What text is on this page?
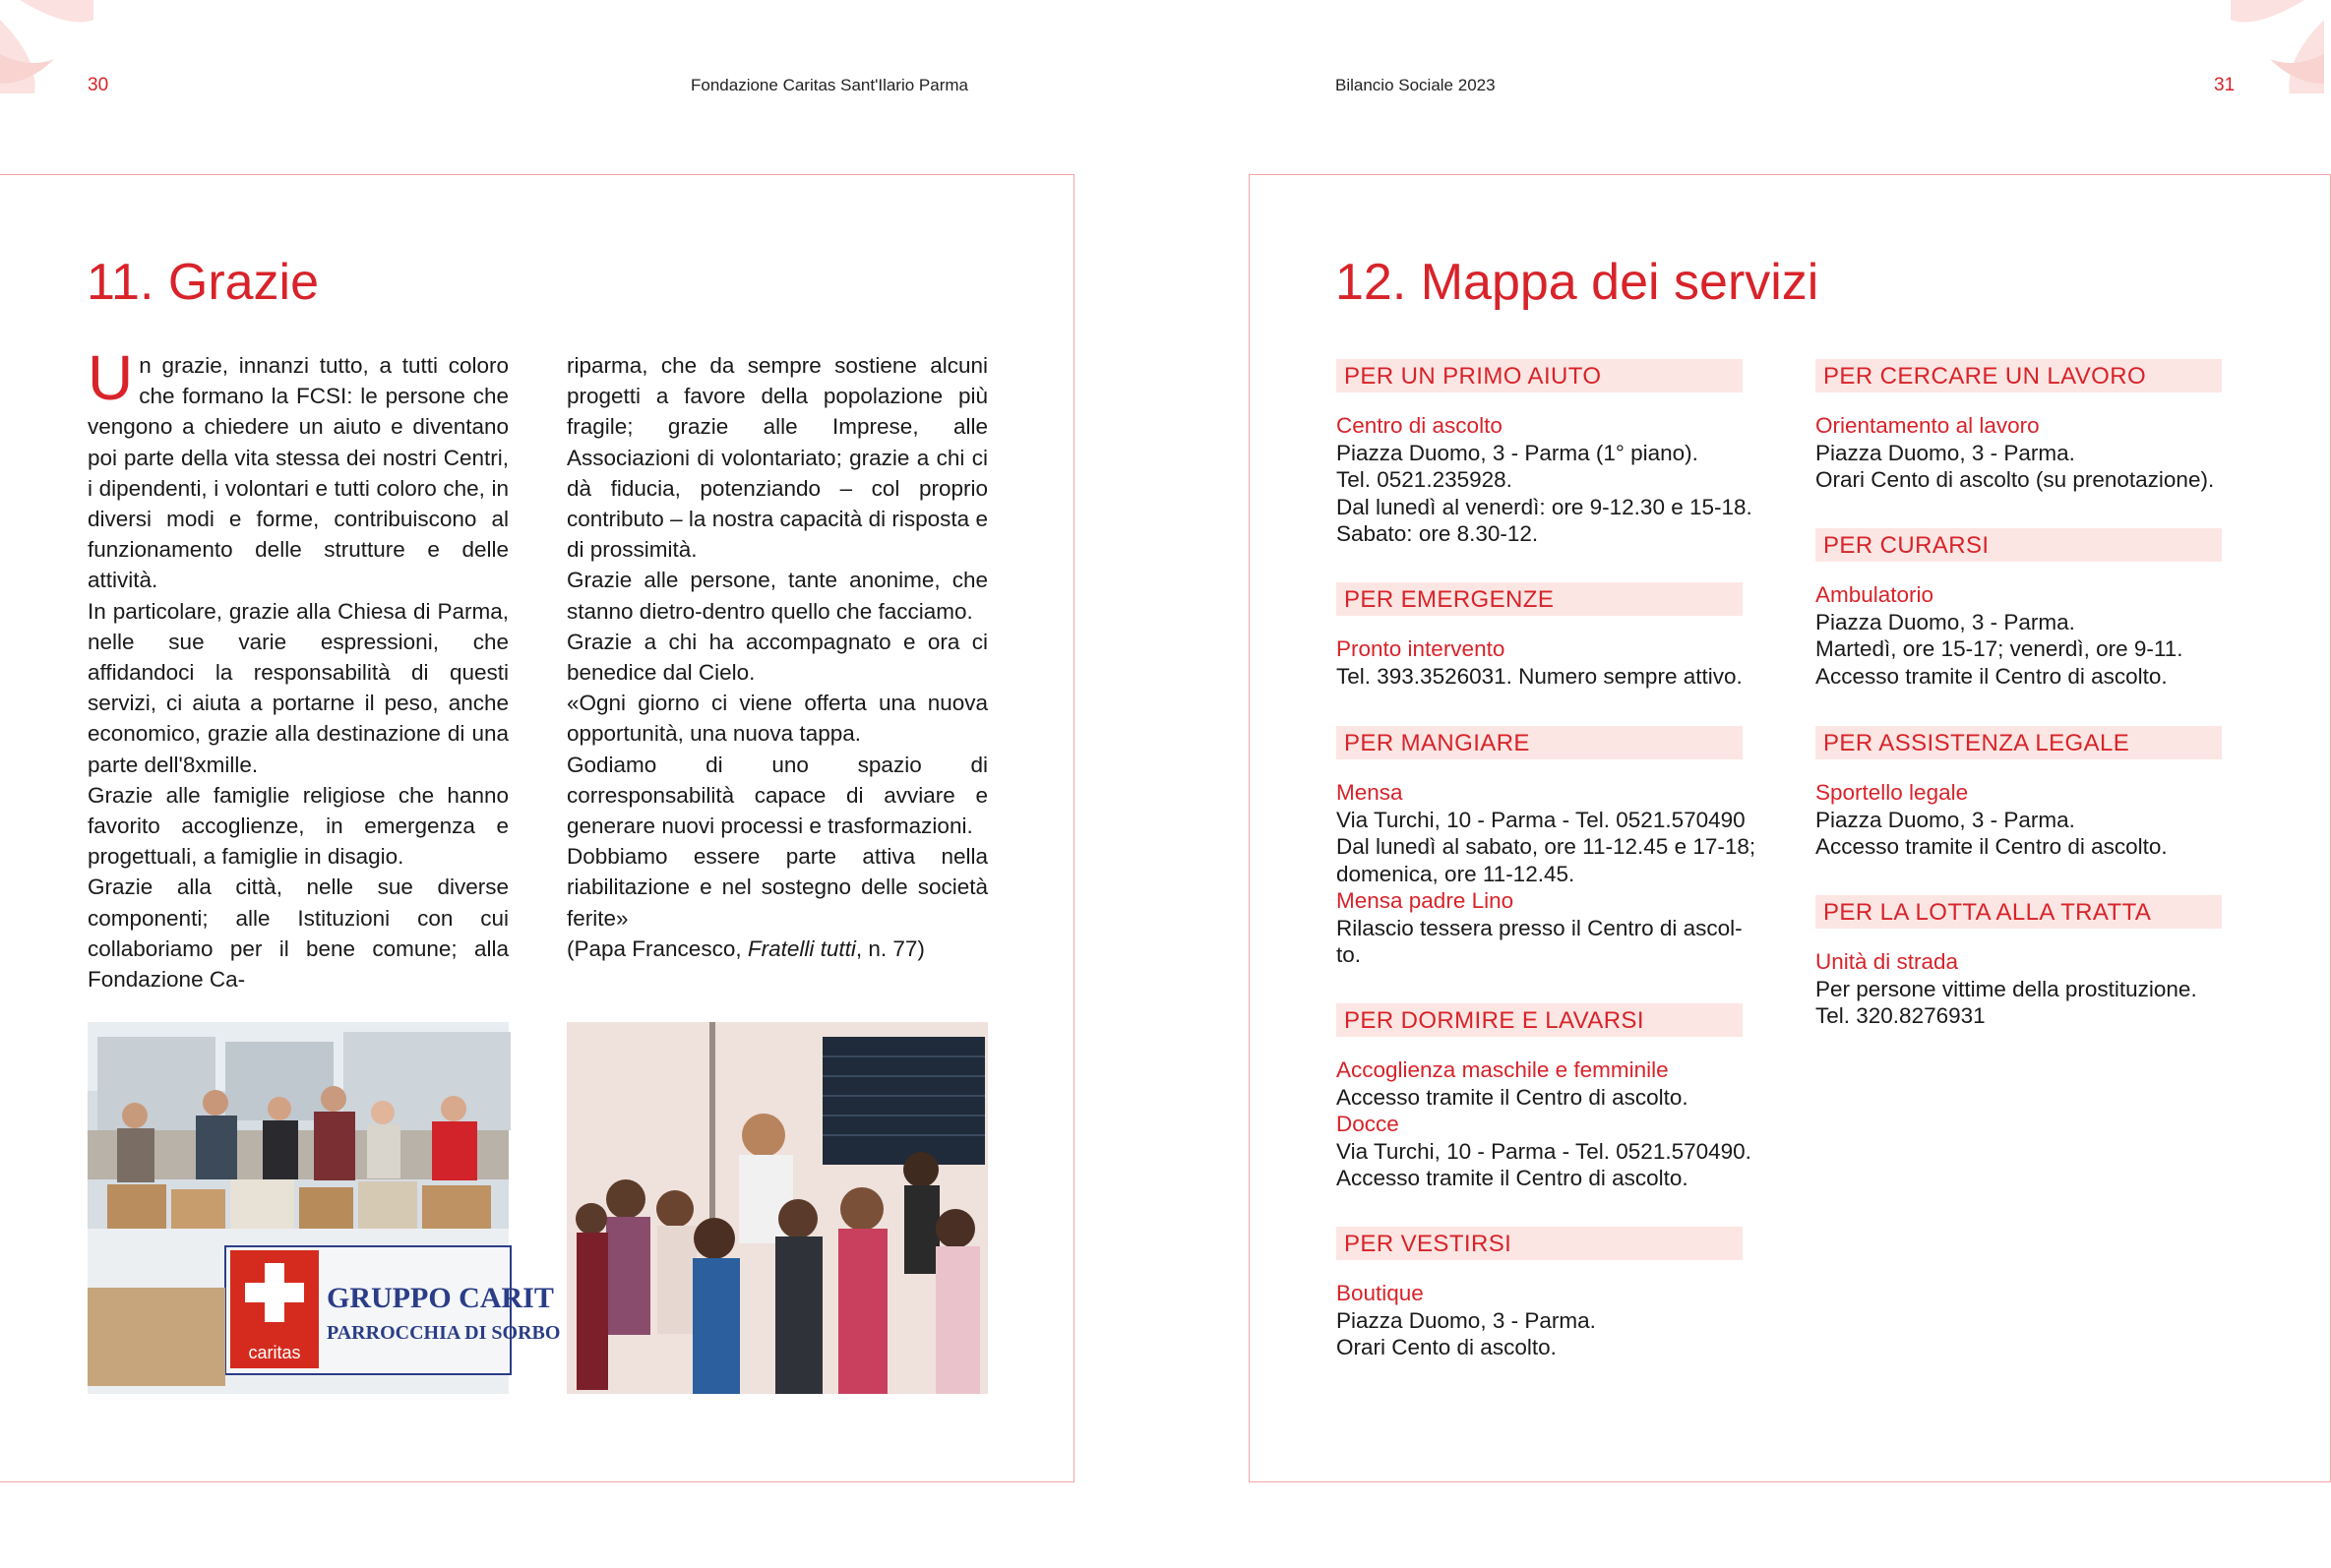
30	Fondazione Caritas Sant'Ilario Parma	Bilancio Sociale 2023	31
11. Grazie

Un grazie, innanzi tutto, a tutti coloro che formano la FCSI: le persone che vengono a chiedere un aiuto e diventano poi parte della vita stessa dei nostri Centri, i dipendenti, i volontari e tutti coloro che, in diversi modi e forme, contribuiscono al funzionamento delle strutture e delle attività.

In particolare, grazie alla Chiesa di Parma, nelle sue varie espressioni, che affidandoci la responsabilità di questi servizi, ci aiuta a portarne il peso, anche economico, grazie alla destinazione di una parte dell'8xmille.

Grazie alle famiglie religiose che hanno favorito accoglienze, in emergenza e progettuali, a famiglie in disagio.

Grazie alla città, nelle sue diverse componenti; alle Istituzioni con cui collaboriamo per il bene comune; alla Fondazione Ca-

riparma, che da sempre sostiene alcuni progetti a favore della popolazione più fragile; grazie alle Imprese, alle Associazioni di volontariato; grazie a chi ci dà fiducia, potenziando – col proprio contributo – la nostra capacità di risposta e di prossimità.

Grazie alle persone, tante anonime, che stanno dietro-dentro quello che facciamo.

Grazie a chi ha accompagnato e ora ci benedice dal Cielo.

«Ogni giorno ci viene offerta una nuova opportunità, una nuova tappa.

Godiamo di uno spazio di corresponsabilità capace di avviare e generare nuovi processi e trasformazioni.

Dobbiamo essere parte attiva nella riabilitazione e nel sostegno delle società ferite»

(Papa Francesco, Fratelli tutti, n. 77)

caritas
GRUPPO CARIT
PARROCCHIA DI SORBO
12. Mappa dei servizi
PER UN PRIMO AIUTO
Centro di ascolto
Piazza Duomo, 3 - Parma (1° piano).
Tel. 0521.235928.
Dal lunedì al venerdì: ore 9-12.30 e 15-18.
Sabato: ore 8.30-12.
PER EMERGENZE
Pronto intervento
Tel. 393.3526031. Numero sempre attivo.
PER MANGIARE
Mensa
Via Turchi, 10 - Parma - Tel. 0521.570490
Dal lunedì al sabato, ore 11-12.45 e 17-18;
domenica, ore 11-12.45.
Mensa padre Lino
Rilascio tessera presso il Centro di ascol-
to.
PER DORMIRE E LAVARSI
Accoglienza maschile e femminile
Accesso tramite il Centro di ascolto.
Docce
Via Turchi, 10 - Parma - Tel. 0521.570490.
Accesso tramite il Centro di ascolto.
PER VESTIRSI
Boutique
Piazza Duomo, 3 - Parma.
Orari Cento di ascolto.
PER CERCARE UN LAVORO
Orientamento al lavoro
Piazza Duomo, 3 - Parma.
Orari Cento di ascolto (su prenotazione).
PER CURARSI
Ambulatorio
Piazza Duomo, 3 - Parma.
Martedì, ore 15-17; venerdì, ore 9-11.
Accesso tramite il Centro di ascolto.
PER ASSISTENZA LEGALE
Sportello legale
Piazza Duomo, 3 - Parma.
Accesso tramite il Centro di ascolto.
PER LA LOTTA ALLA TRATTA
Unità di strada
Per persone vittime della prostituzione.
Tel. 320.8276931
